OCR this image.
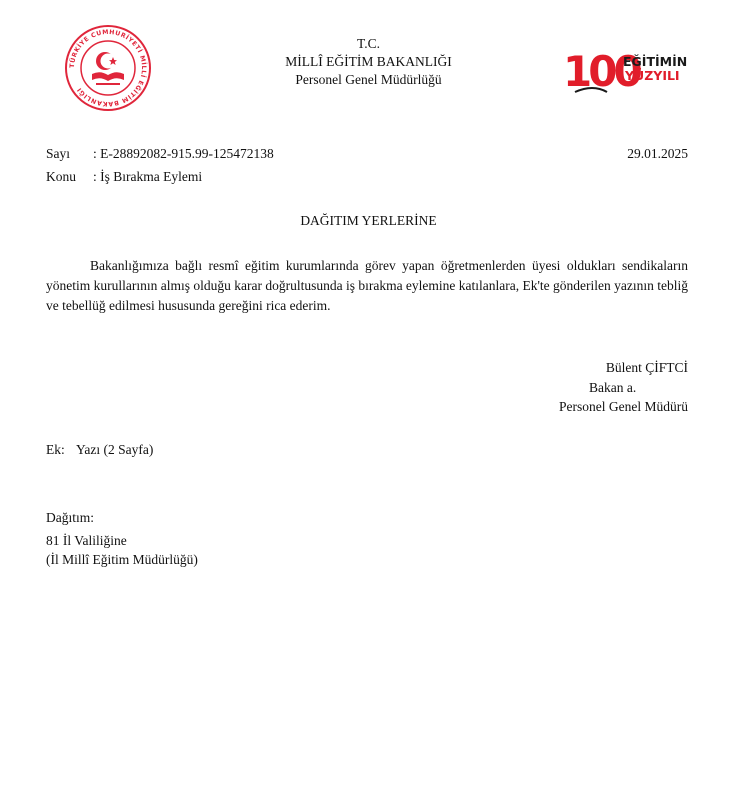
TÜRKİYE CUMHURİYETİ MİLLİ EĞİTİM BAKANLIĞI
T.C.
MİLLÎ EĞİTİM BAKANLIĞI
Personel Genel Müdürlüğü	100
EĞİTİMİN
YÜZYILI
Sayı : E-28892082-915.99-125472138	29.01.2025
Konu : İş Bırakma Eylemi
DAĞITIM YERLERİNE
Bakanlığımıza bağlı resmî eğitim kurumlarında görev yapan öğretmenlerden üyesi oldukları sendikaların yönetim kurullarının almış olduğu karar doğrultusunda iş bırakma eylemine katılanlara, Ek'te gönderilen yazının tebliğ ve tebellüğ edilmesi hususunda gereğini rica ederim.
Bülent ÇİFTCİ
Bakan a.
Personel Genel Müdürü
Ek: Yazı (2 Sayfa)
Dağıtım:
81 İl Valiliğine
(İl Millî Eğitim Müdürlüğü)
